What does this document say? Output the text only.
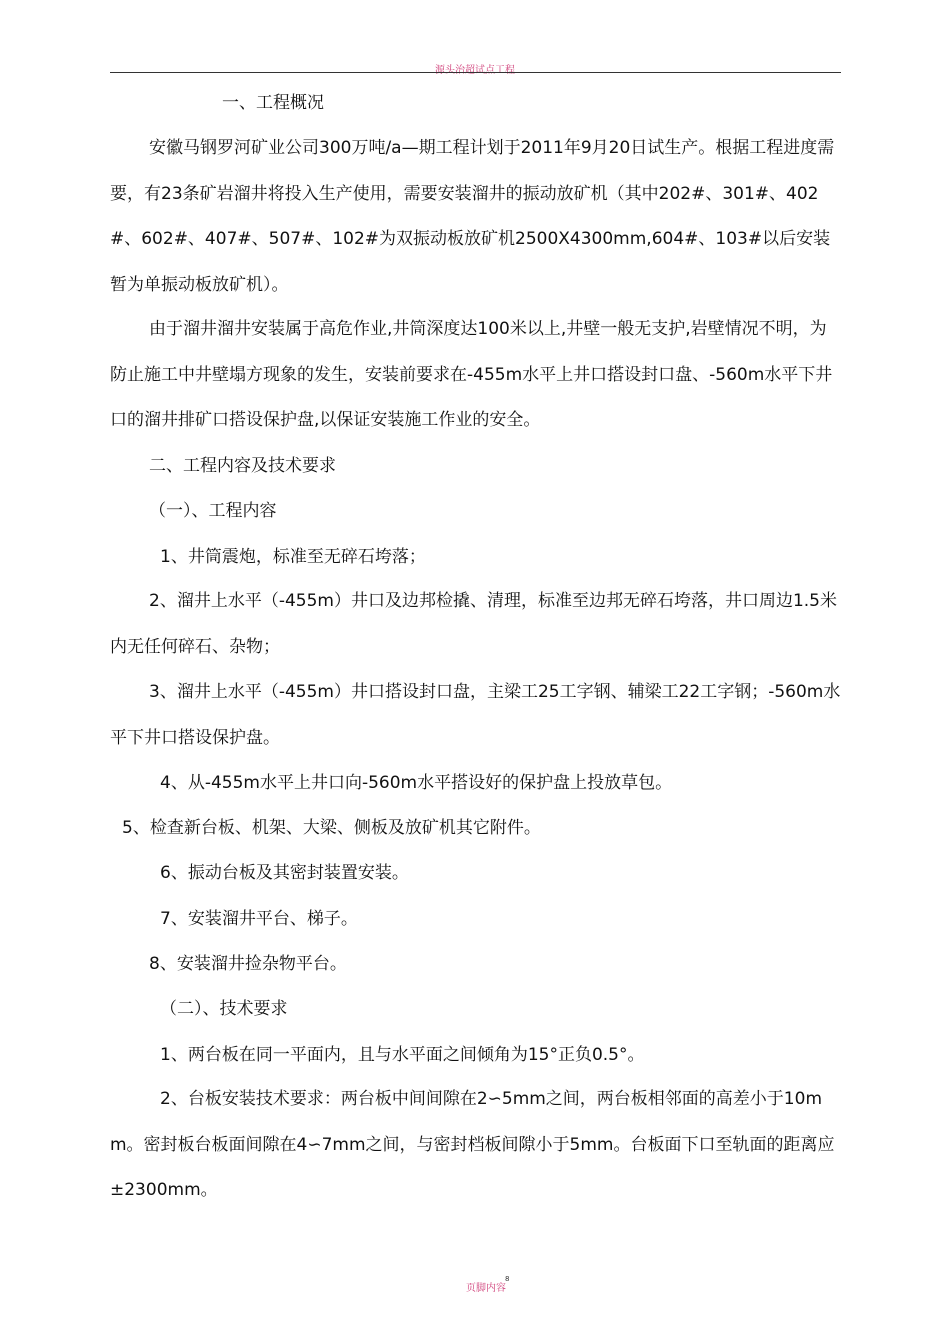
源头治超试点工程
一、工程概况
安徽马钢罗河矿业公司300万吨/a—期工程计划于2011年9月20日试生产。根据工程进度需要，有23条矿岩溜井将投入生产使用，需要安装溜井的振动放矿机（其中202#、301#、402#、602#、407#、507#、102#为双振动板放矿机2500Ⅹ4300mm,604#、103#以后安装暂为单振动板放矿机）。
由于溜井溜井安装属于高危作业,井筒深度达100米以上,井壁一般无支护,岩壁情况不明，为防止施工中井壁塌方现象的发生，安装前要求在-455m水平上井口搭设封口盘、-560m水平下井口的溜井排矿口搭设保护盘,以保证安装施工作业的安全。
二、工程内容及技术要求
（一）、工程内容
1、井筒震炮，标准至无碎石垮落；
2、溜井上水平（-455m）井口及边邦检撬、清理，标准至边邦无碎石垮落，井口周边1.5米内无任何碎石、杂物；
3、溜井上水平（-455m）井口搭设封口盘，主梁工25工字钢、辅梁工22工字钢；-560m水平下井口搭设保护盘。
4、从-455m水平上井口向-560m水平搭设好的保护盘上投放草包。
5、检查新台板、机架、大梁、侧板及放矿机其它附件。
6、振动台板及其密封装置安装。
7、安装溜井平台、梯子。
8、安装溜井捡杂物平台。
（二）、技术要求
1、两台板在同一平面内，且与水平面之间倾角为15°正负0.5°。
2、台板安装技术要求：两台板中间间隙在2∽5mm之间，两台板相邻面的高差小于10mm。密封板台板面间隙在4∽7mm之间，与密封档板间隙小于5mm。台板面下口至轨面的距离应±2300mm。
页脚内容
8
